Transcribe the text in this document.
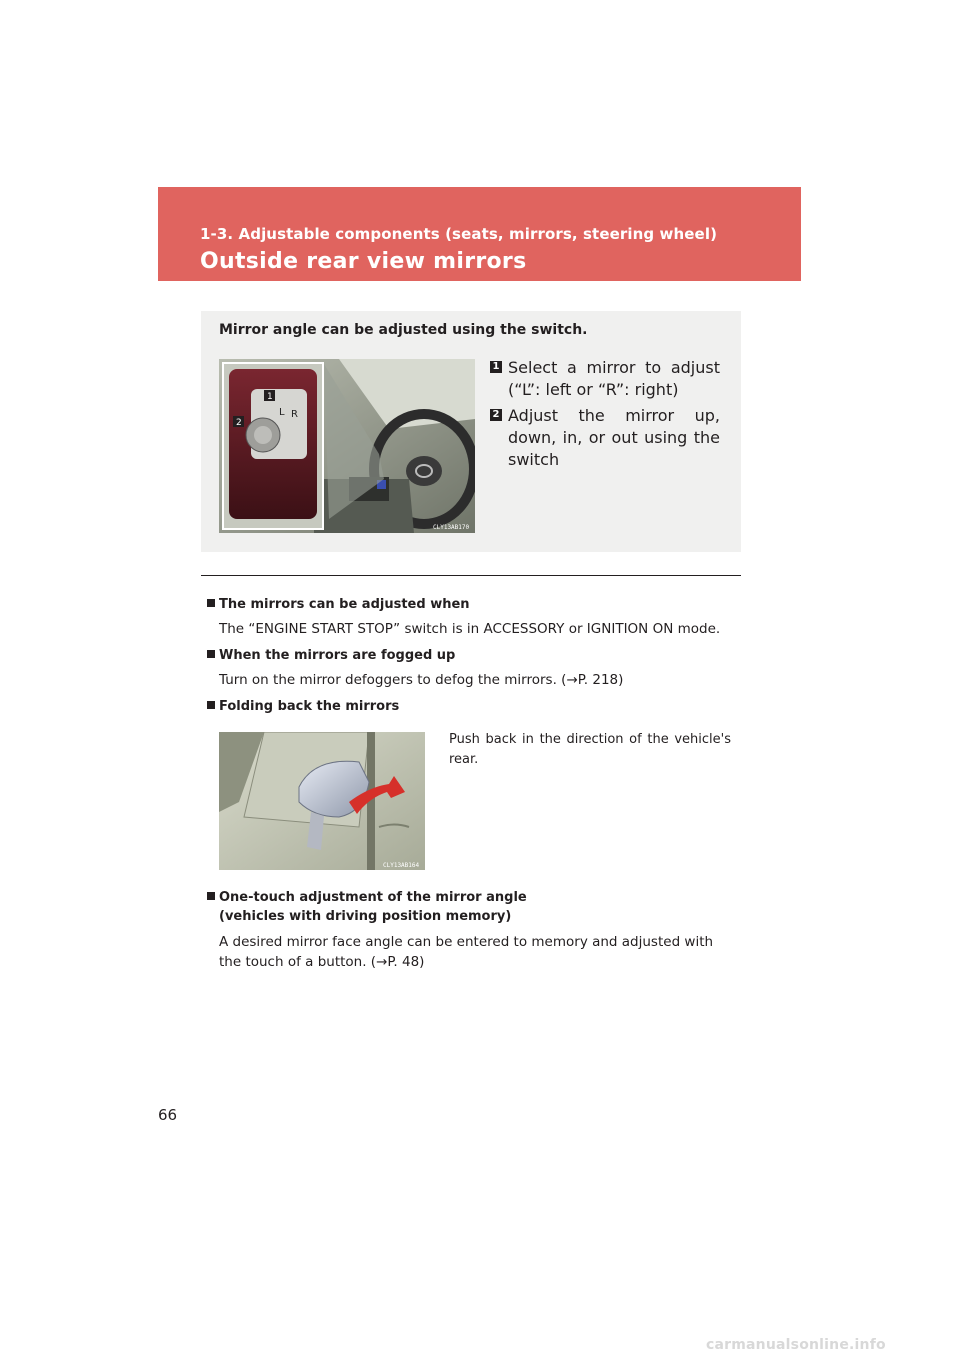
1-3. Adjustable components (seats, mirrors, steering wheel)
Outside rear view mirrors
Mirror angle can be adjusted using the switch.
L R
1
2
CLY13AB170
1 Select a mirror to adjust (“L”: left or “R”: right)
2 Adjust the mirror up, down, in, or out using the switch
The mirrors can be adjusted when
The “ENGINE START STOP” switch is in ACCESSORY or IGNITION ON mode.
When the mirrors are fogged up
Turn on the mirror defoggers to defog the mirrors. (→P. 218)
Folding back the mirrors
CLY13AB164
Push back in the direction of the vehicle's rear.
One-touch adjustment of the mirror angle
(vehicles with driving position memory)
A desired mirror face angle can be entered to memory and adjusted with the touch of a button. (→P. 48)
66
carmanualsonline.info
